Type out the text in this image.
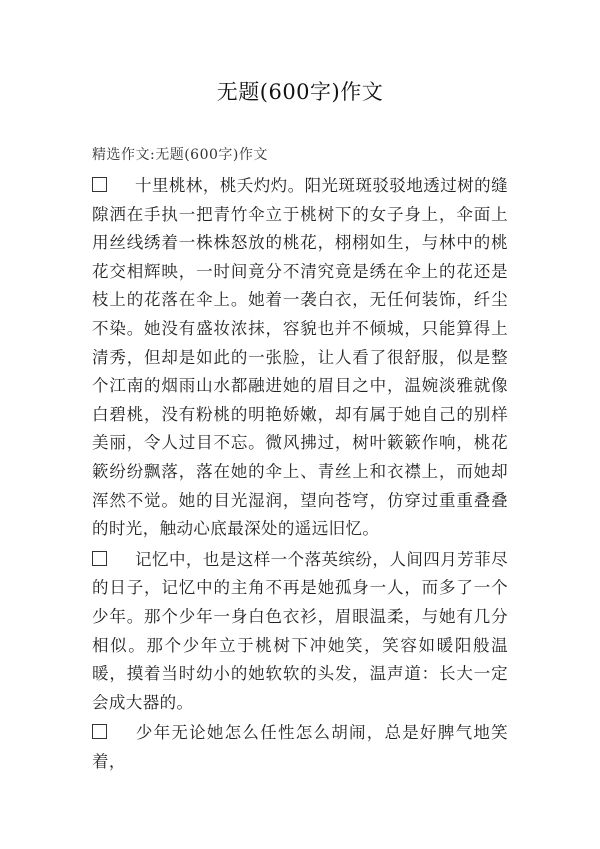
无题(600字)作文
精选作文:无题(600字)作文

十里桃林，桃夭灼灼。阳光斑斑驳驳地透过树的缝隙洒在手执一把青竹伞立于桃树下的女子身上，伞面上用丝线绣着一株株怒放的桃花，栩栩如生，与林中的桃花交相辉映，一时间竟分不清究竟是绣在伞上的花还是枝上的花落在伞上。她着一袭白衣，无任何装饰，纤尘不染。她没有盛妆浓抹，容貌也并不倾城，只能算得上清秀，但却是如此的一张脸，让人看了很舒服，似是整个江南的烟雨山水都融进她的眉目之中，温婉淡雅就像白碧桃，没有粉桃的明艳娇嫩，却有属于她自己的别样美丽，令人过目不忘。微风拂过，树叶簌簌作响，桃花簌纷纷飘落，落在她的伞上、青丝上和衣襟上，而她却浑然不觉。她的目光湿润，望向苍穹，仿穿过重重叠叠的时光，触动心底最深处的遥远旧忆。

记忆中，也是这样一个落英缤纷，人间四月芳菲尽的日子，记忆中的主角不再是她孤身一人，而多了一个少年。那个少年一身白色衣衫，眉眼温柔，与她有几分相似。那个少年立于桃树下冲她笑，笑容如暖阳般温暖，摸着当时幼小的她软软的头发，温声道：长大一定会成大器的。

少年无论她怎么任性怎么胡闹，总是好脾气地笑着，
